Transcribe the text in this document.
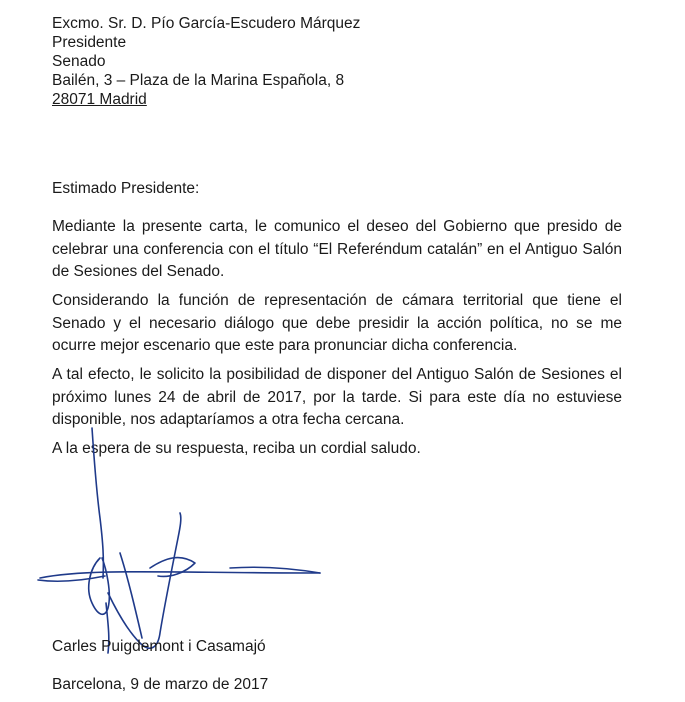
Excmo. Sr. D. Pío García-Escudero Márquez
Presidente
Senado
Bailén, 3 – Plaza de la Marina Española, 8
28071 Madrid
Estimado Presidente:
Mediante la presente carta, le comunico el deseo del Gobierno que presido de celebrar una conferencia con el título “El Referéndum catalán” en el Antiguo Salón de Sesiones del Senado.
Considerando la función de representación de cámara territorial que tiene el Senado y el necesario diálogo que debe presidir la acción política, no se me ocurre mejor escenario que este para pronunciar dicha conferencia.
A tal efecto, le solicito la posibilidad de disponer del Antiguo Salón de Sesiones el próximo lunes 24 de abril de 2017, por la tarde. Si para este día no estuviese disponible, nos adaptaríamos a otra fecha cercana.
A la espera de su respuesta, reciba un cordial saludo.
Carles Puigdemont i Casamajó
Barcelona, 9 de marzo de 2017
